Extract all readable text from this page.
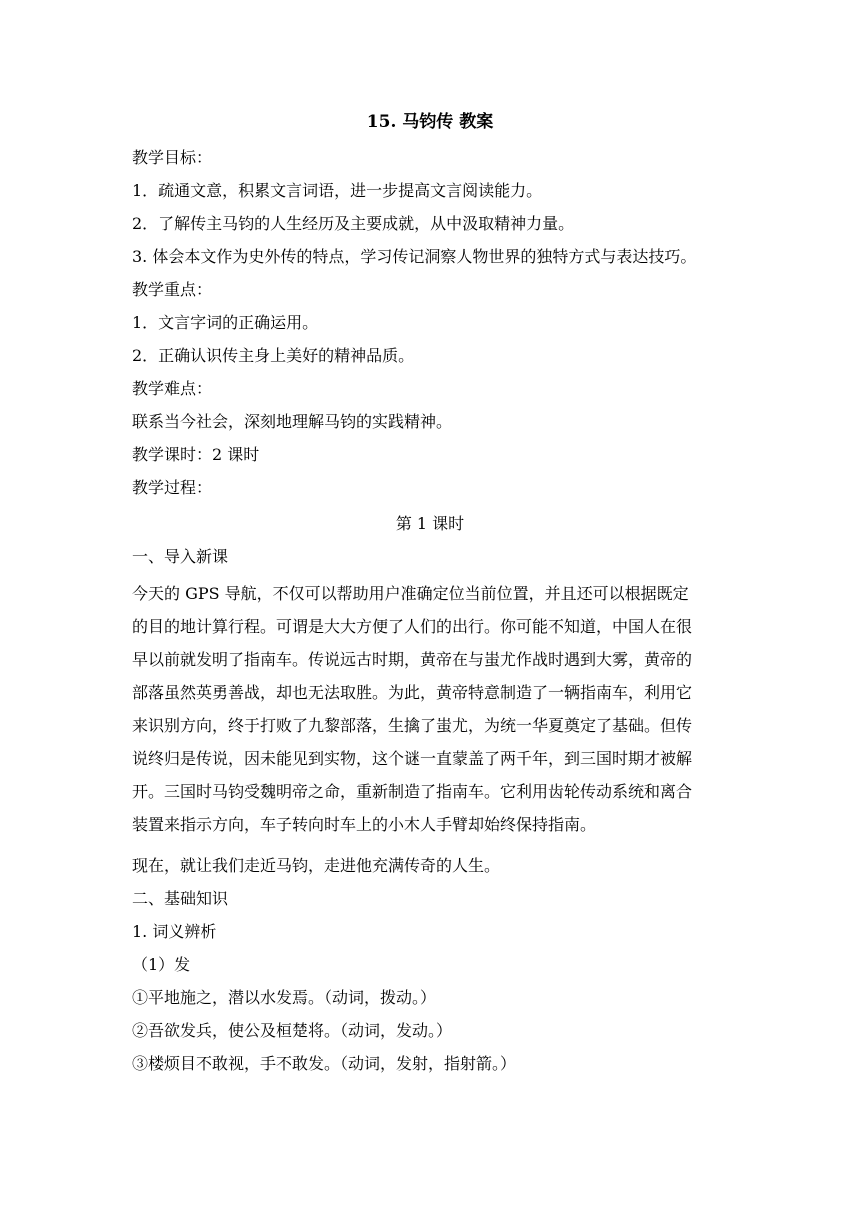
15. 马钧传 教案
教学目标：
1．疏通文意，积累文言词语，进一步提高文言阅读能力。
2．了解传主马钧的人生经历及主要成就，从中汲取精神力量。
3. 体会本文作为史外传的特点，学习传记洞察人物世界的独特方式与表达技巧。
教学重点：
1．文言字词的正确运用。
2．正确认识传主身上美好的精神品质。
教学难点：
联系当今社会，深刻地理解马钧的实践精神。
教学课时：2 课时
教学过程：
第 1 课时
一、导入新课
今天的 GPS 导航，不仅可以帮助用户准确定位当前位置，并且还可以根据既定
的目的地计算行程。可谓是大大方便了人们的出行。你可能不知道，中国人在很
早以前就发明了指南车。传说远古时期，黄帝在与蚩尤作战时遇到大雾，黄帝的
部落虽然英勇善战，却也无法取胜。为此，黄帝特意制造了一辆指南车，利用它
来识别方向，终于打败了九黎部落，生擒了蚩尤，为统一华夏奠定了基础。但传
说终归是传说，因未能见到实物，这个谜一直蒙盖了两千年，到三国时期才被解
开。三国时马钧受魏明帝之命，重新制造了指南车。它利用齿轮传动系统和离合
装置来指示方向，车子转向时车上的小木人手臂却始终保持指南。
现在，就让我们走近马钧，走进他充满传奇的人生。
二、基础知识
1. 词义辨析
（1）发
①平地施之，潜以水发焉。（动词，拨动。）
②吾欲发兵，使公及桓楚将。（动词，发动。）
③楼烦目不敢视，手不敢发。（动词，发射，指射箭。）
